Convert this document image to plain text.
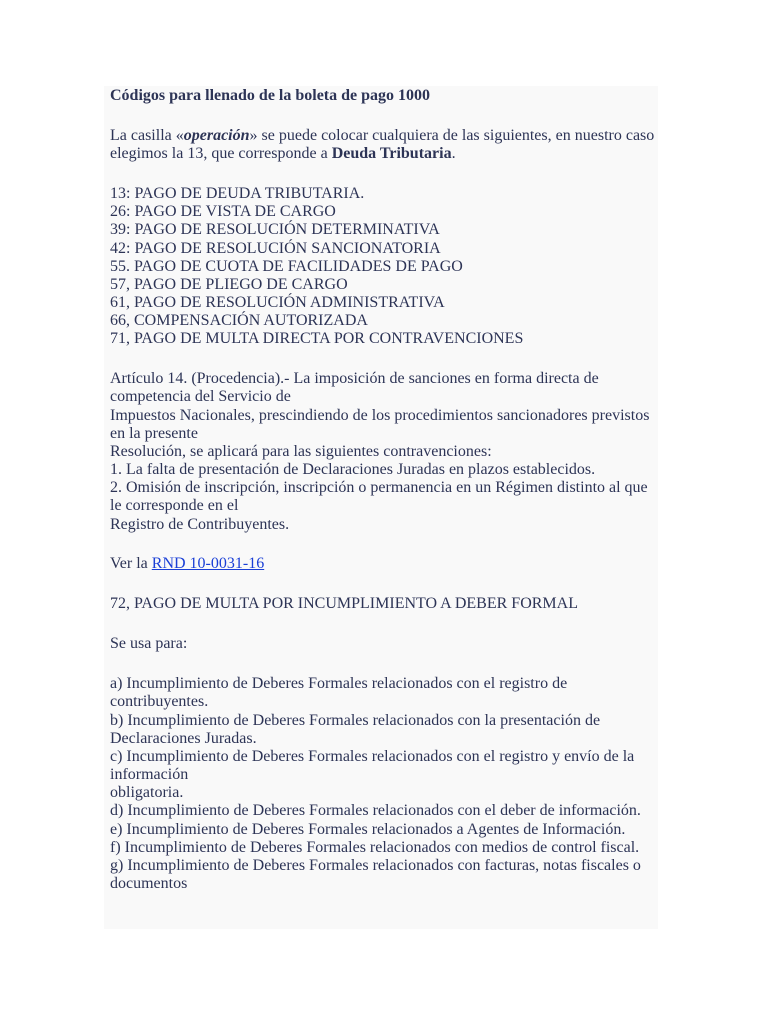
Códigos para llenado de la boleta de pago 1000

La casilla «operación» se puede colocar cualquiera de las siguientes, en nuestro caso elegimos la 13, que corresponde a Deuda Tributaria.

13: PAGO DE DEUDA TRIBUTARIA.

26: PAGO DE VISTA DE CARGO

39: PAGO DE RESOLUCIÓN DETERMINATIVA

42: PAGO DE RESOLUCIÓN SANCIONATORIA

55. PAGO DE CUOTA DE FACILIDADES DE PAGO

57, PAGO DE PLIEGO DE CARGO

61, PAGO DE RESOLUCIÓN ADMINISTRATIVA

66, COMPENSACIÓN AUTORIZADA

71, PAGO DE MULTA DIRECTA POR CONTRAVENCIONES

Artículo 14. (Procedencia).- La imposición de sanciones en forma directa de competencia del Servicio de

Impuestos Nacionales, prescindiendo de los procedimientos sancionadores previstos en la presente

Resolución, se aplicará para las siguientes contravenciones:

1. La falta de presentación de Declaraciones Juradas en plazos establecidos.

2. Omisión de inscripción, inscripción o permanencia en un Régimen distinto al que le corresponde en el

Registro de Contribuyentes.

Ver la RND 10-0031-16

72, PAGO DE MULTA POR INCUMPLIMIENTO A DEBER FORMAL

Se usa para:

a) Incumplimiento de Deberes Formales relacionados con el registro de contribuyentes.

b) Incumplimiento de Deberes Formales relacionados con la presentación de Declaraciones Juradas.

c) Incumplimiento de Deberes Formales relacionados con el registro y envío de la información

obligatoria.

d) Incumplimiento de Deberes Formales relacionados con el deber de información.

e) Incumplimiento de Deberes Formales relacionados a Agentes de Información.

f) Incumplimiento de Deberes Formales relacionados con medios de control fiscal.

g) Incumplimiento de Deberes Formales relacionados con facturas, notas fiscales o documentos
